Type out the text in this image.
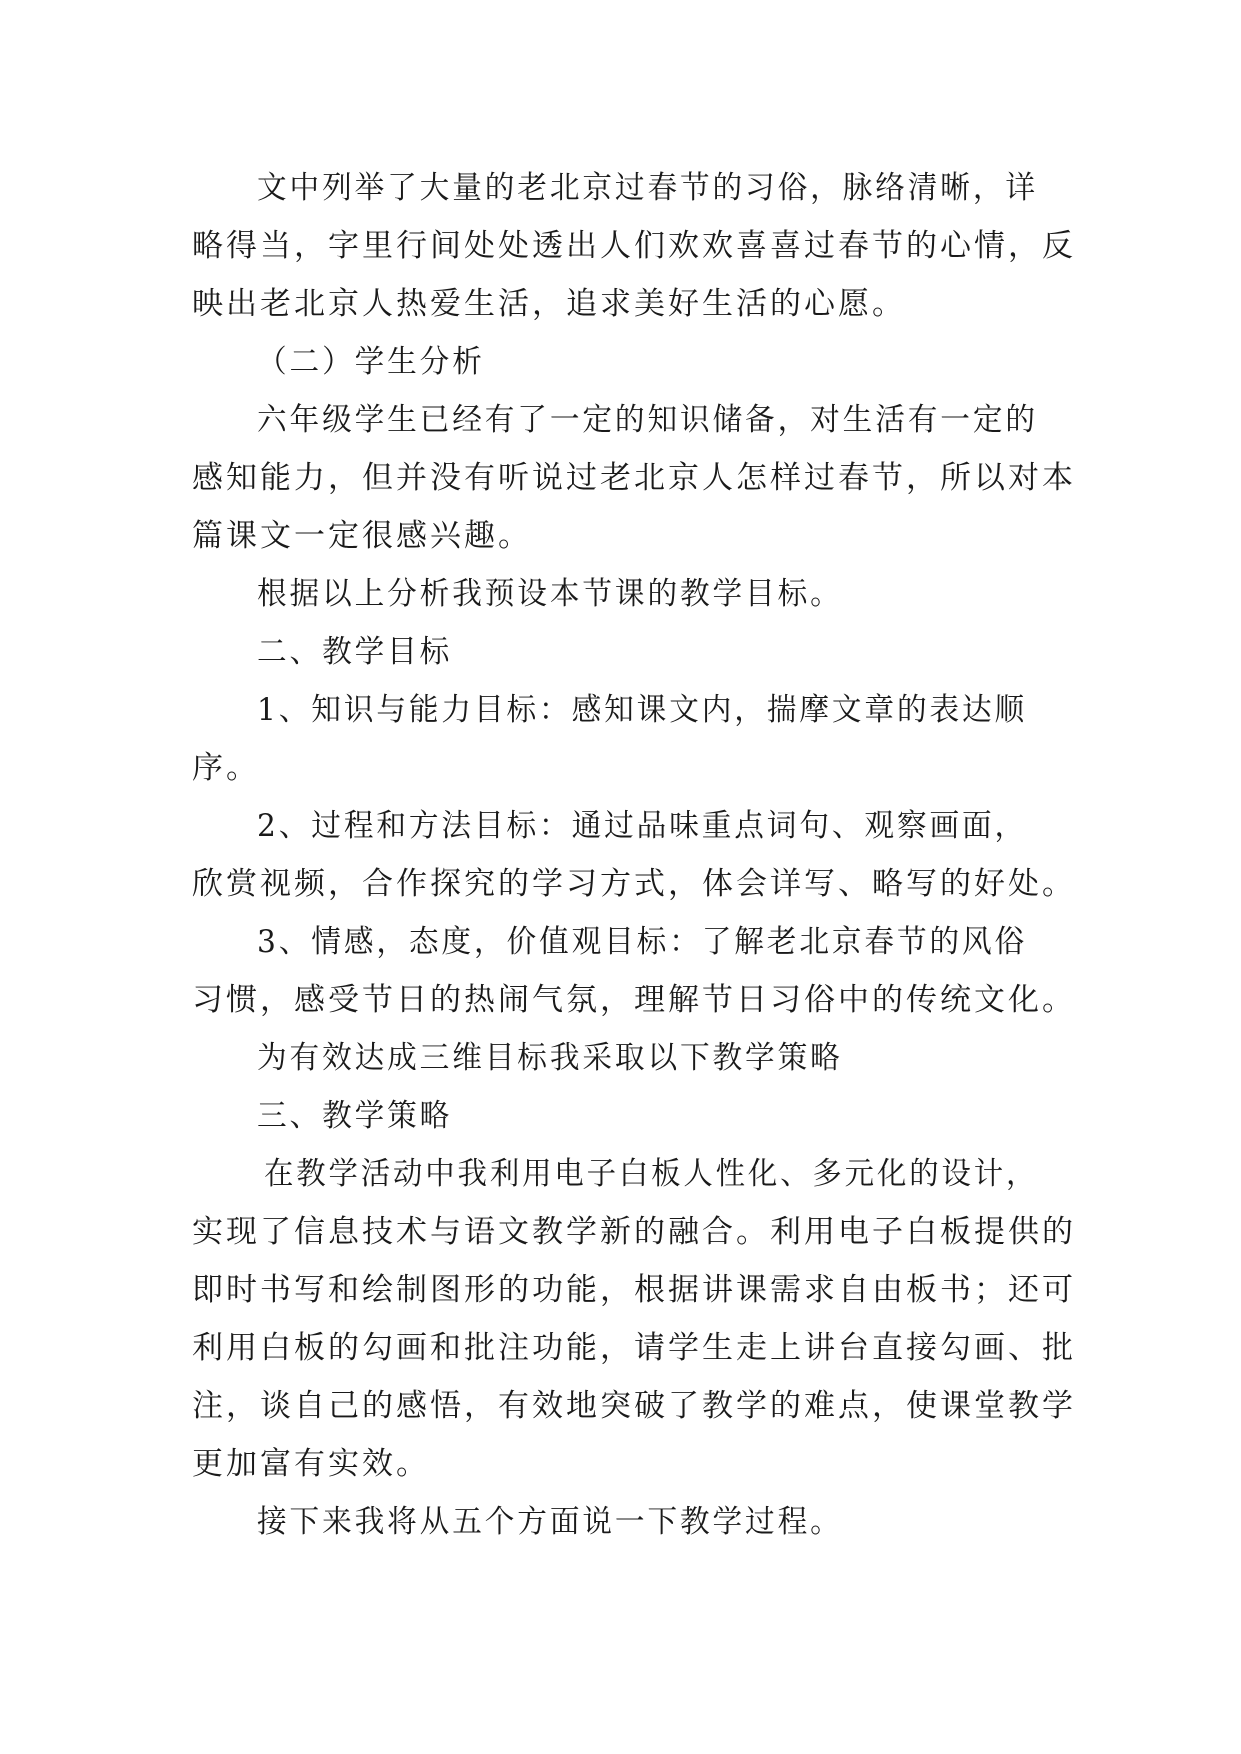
文中列举了大量的老北京过春节的习俗，脉络清晰，详
略得当，字里行间处处透出人们欢欢喜喜过春节的心情，反
映出老北京人热爱生活，追求美好生活的心愿。
（二）学生分析
六年级学生已经有了一定的知识储备，对生活有一定的
感知能力，但并没有听说过老北京人怎样过春节，所以对本
篇课文一定很感兴趣。
根据以上分析我预设本节课的教学目标。
二、教学目标
1、知识与能力目标：感知课文内，揣摩文章的表达顺
序。
2、过程和方法目标：通过品味重点词句、观察画面，
欣赏视频，合作探究的学习方式，体会详写、略写的好处。
3、情感，态度，价值观目标：了解老北京春节的风俗
习惯，感受节日的热闹气氛，理解节日习俗中的传统文化。
为有效达成三维目标我采取以下教学策略
三、教学策略
在教学活动中我利用电子白板人性化、多元化的设计，
实现了信息技术与语文教学新的融合。利用电子白板提供的
即时书写和绘制图形的功能，根据讲课需求自由板书；还可
利用白板的勾画和批注功能，请学生走上讲台直接勾画、批
注，谈自己的感悟，有效地突破了教学的难点，使课堂教学
更加富有实效。
接下来我将从五个方面说一下教学过程。
